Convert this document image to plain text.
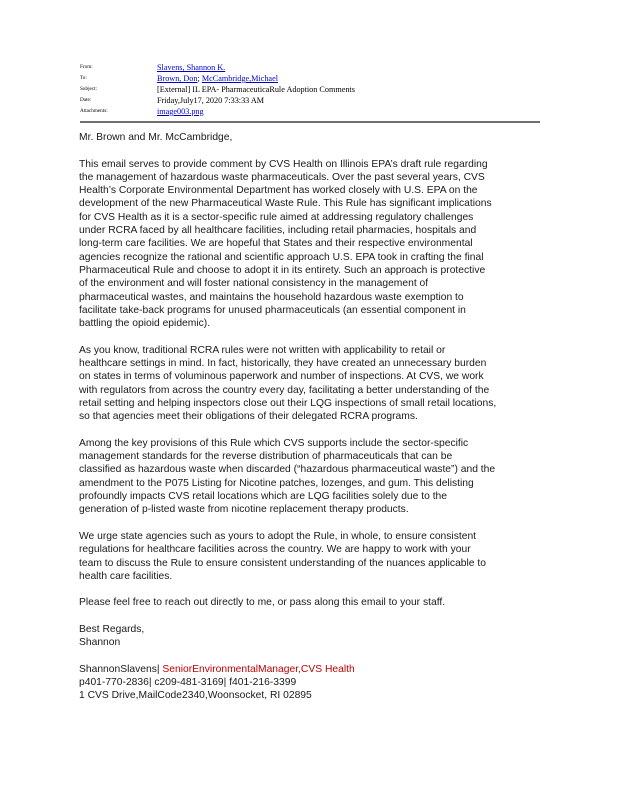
From:	Slavens, Shannon K.
To:	Brown, Don; McCambridge,Michael
Subject:	[External] IL EPA- PharmaceuticaRule Adoption Comments
Date:	Friday,July17, 2020 7:33:33 AM
Attachments:	image003.png

Mr. Brown and Mr. McCambridge,

This email serves to provide comment by CVS Health on Illinois EPA’s draft rule regarding
the management of hazardous waste pharmaceuticals. Over the past several years, CVS
Health’s Corporate Environmental Department has worked closely with U.S. EPA on the
development of the new Pharmaceutical Waste Rule. This Rule has significant implications
for CVS Health as it is a sector-specific rule aimed at addressing regulatory challenges
under RCRA faced by all healthcare facilities, including retail pharmacies, hospitals and
long-term care facilities. We are hopeful that States and their respective environmental
agencies recognize the rational and scientific approach U.S. EPA took in crafting the final
Pharmaceutical Rule and choose to adopt it in its entirety. Such an approach is protective
of the environment and will foster national consistency in the management of
pharmaceutical wastes, and maintains the household hazardous waste exemption to
facilitate take-back programs for unused pharmaceuticals (an essential component in
battling the opioid epidemic).

As you know, traditional RCRA rules were not written with applicability to retail or
healthcare settings in mind. In fact, historically, they have created an unnecessary burden
on states in terms of voluminous paperwork and number of inspections. At CVS, we work
with regulators from across the country every day, facilitating a better understanding of the
retail setting and helping inspectors close out their LQG inspections of small retail locations,
so that agencies meet their obligations of their delegated RCRA programs.

Among the key provisions of this Rule which CVS supports include the sector-specific
management standards for the reverse distribution of pharmaceuticals that can be
classified as hazardous waste when discarded (“hazardous pharmaceutical waste”) and the
amendment to the P075 Listing for Nicotine patches, lozenges, and gum. This delisting
profoundly impacts CVS retail locations which are LQG facilities solely due to the
generation of p-listed waste from nicotine replacement therapy products.

We urge state agencies such as yours to adopt the Rule, in whole, to ensure consistent
regulations for healthcare facilities across the country. We are happy to work with your
team to discuss the Rule to ensure consistent understanding of the nuances applicable to
health care facilities.

Please feel free to reach out directly to me, or pass along this email to your staff.

Best Regards,
Shannon

ShannonSlavens| SeniorEnvironmentalManager,CVS Health
p401-770-2836| c209-481-3169| f401-216-3399
1 CVS Drive,MailCode2340,Woonsocket, RI 02895
